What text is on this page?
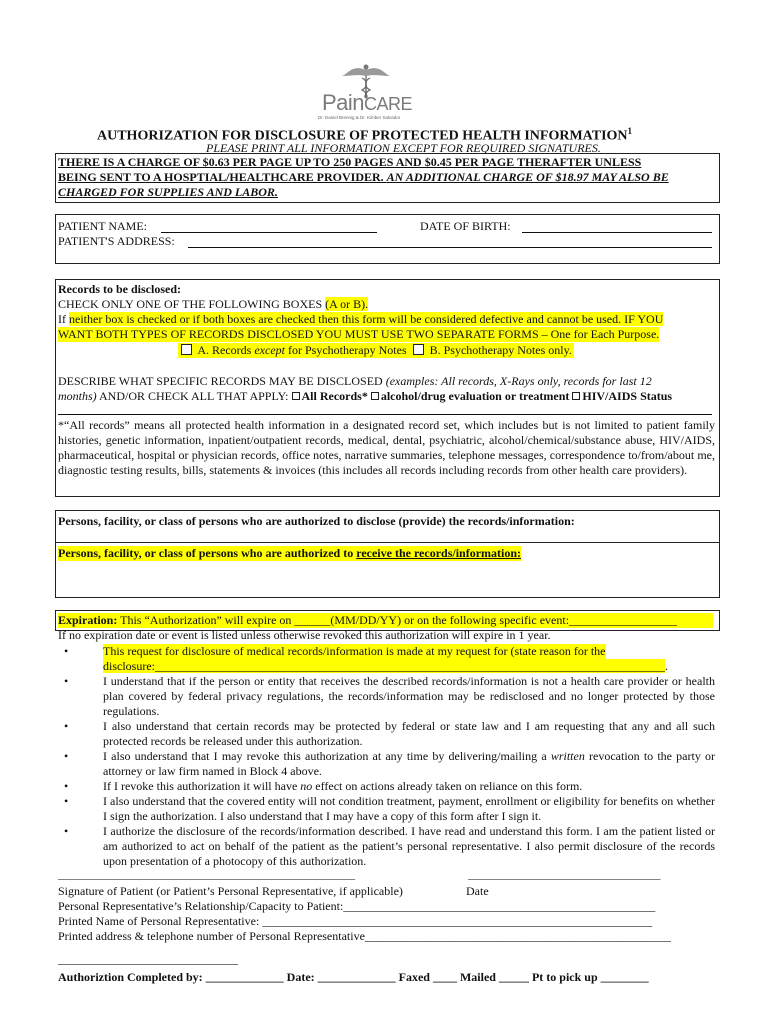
PainCARE
Dr. Daniel Brennig & Dr. Kimber Salvador
AUTHORIZATION FOR DISCLOSURE OF PROTECTED HEALTH INFORMATION$^1$
PLEASE PRINT ALL INFORMATION EXCEPT FOR REQUIRED SIGNATURES.
THERE IS A CHARGE OF $0.63 PER PAGE UP TO 250 PAGES AND $0.45 PER PAGE THERAFTER UNLESS
BEING SENT TO A HOSPTIAL/HEALTHCARE PROVIDER. AN ADDITIONAL CHARGE OF $18.97 MAY ALSO BE
CHARGED FOR SUPPLIES AND LABOR.
PATIENT NAME:	DATE OF BIRTH:
PATIENT'S ADDRESS:
Records to be disclosed:
CHECK ONLY ONE OF THE FOLLOWING BOXES (A or B).
If neither box is checked or if both boxes are checked then this form will be considered defective and cannot be used. IF YOU
WANT BOTH TYPES OF RECORDS DISCLOSED YOU MUST USE TWO SEPARATE FORMS – One for Each Purpose.
A. Records except for Psychotherapy Notes B. Psychotherapy Notes only.
DESCRIBE WHAT SPECIFIC RECORDS MAY BE DISCLOSED (examples: All records, X-Rays only, records for last 12
months) AND/OR CHECK ALL THAT APPLY: All Records* alcohol/drug evaluation or treatment HIV/AIDS Status
*“All records” means all protected health information in a designated record set, which includes but is not limited to patient family histories, genetic information, inpatient/outpatient records, medical, dental, psychiatric, alcohol/chemical/substance abuse, HIV/AIDS, pharmaceutical, hospital or physician records, office notes, narrative summaries, telephone messages, correspondence to/from/about me, diagnostic testing results, bills, statements & invoices (this includes all records including records from other health care providers).
Persons, facility, or class of persons who are authorized to disclose (provide) the records/information:
Persons, facility, or class of persons who are authorized to receive the records/information:
Expiration: This “Authorization” will expire on ______(MM/DD/YY) or on the following specific event:__________________
If no expiration date or event is listed unless otherwise revoked this authorization will expire in 1 year.
•	This request for disclosure of medical records/information is made at my request for (state reason for the
disclosure:_____________________________________________________________________________________.
•	I understand that if the person or entity that receives the described records/information is not a health care provider or health plan covered by federal privacy regulations, the records/information may be redisclosed and no longer protected by those regulations.
•	I also understand that certain records may be protected by federal or state law and I am requesting that any and all such protected records be released under this authorization.
•	I also understand that I may revoke this authorization at any time by delivering/mailing a written revocation to the party or attorney or law firm named in Block 4 above.
•	If I revoke this authorization it will have no effect on actions already taken on reliance on this form.
•	I also understand that the covered entity will not condition treatment, payment, enrollment or eligibility for benefits on whether I sign the authorization. I also understand that I may have a copy of this form after I sign it.
•	I authorize the disclosure of the records/information described. I have read and understand this form. I am the patient listed or am authorized to act on behalf of the patient as the patient’s personal representative. I also permit disclosure of the records upon presentation of a photocopy of this authorization.
______________________________________________________	___________________________________
Signature of Patient (or Patient’s Personal Representative, if applicable)	Date
Personal Representative’s Relationship/Capacity to Patient:____________________________________________________
Printed Name of Personal Representative: _________________________________________________________________
Printed address & telephone number of Personal Representative___________________________________________________
______________________________
Authoriztion Completed by: _____________ Date: _____________ Faxed ____ Mailed _____ Pt to pick up ________
